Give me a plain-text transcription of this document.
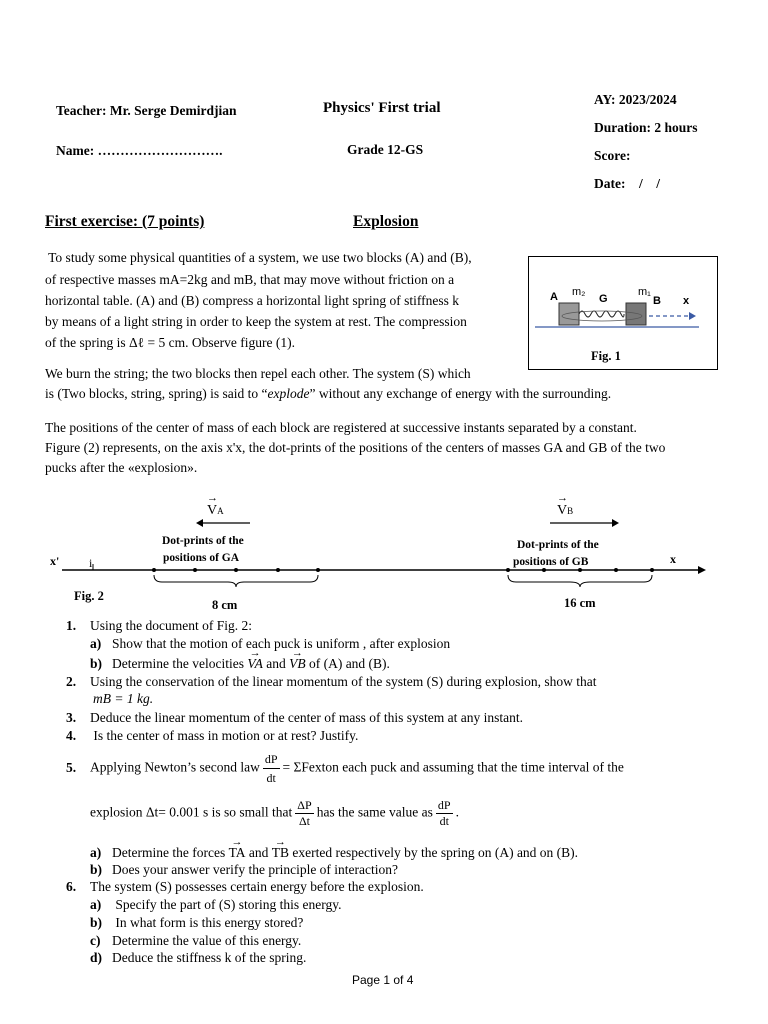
Teacher: Mr. Serge Demirdjian	Physics' First trial
AY: 2023/2024
Duration: 2 hours
Name: ……………………….	Grade 12-GS	Score:
Date:    /    /
First exercise: (7 points)	Explosion
To study some physical quantities of a system, we use two blocks (A) and (B),
of respective masses mA=2kg and mB, that may move without friction on a
horizontal table. (A) and (B) compress a horizontal light spring of stiffness k
by means of a light string in order to keep the system at rest. The compression
of the spring is Δℓ = 5 cm. Observe figure (1).
We burn the string; the two blocks then repel each other. The system (S) which
is (Two blocks, string, spring) is said to “explode” without any exchange of energy with the surrounding.
A m₂
G
m₁
B x
Fig. 1
The positions of the center of mass of each block are registered at successive instants separated by a constant.
Figure (2) represents, on the axis x'x, the dot-prints of the positions of the centers of masses GA and GB of the two
pucks after the «explosion».
→ VA
→	VB
Dot-prints of the
positions of GA
Dot-prints of the
positions of GB
x' i	x
Fig. 2
8 cm	16 cm
1. Using the document of Fig. 2:
a) Show that the motion of each puck is uniform , after explosion
b) Determine the velocities → VA and → VB of (A) and (B).
2. Using the conservation of the linear momentum of the system (S) during explosion, show that
mB = 1 kg.
3. Deduce the linear momentum of the center of mass of this system at any instant.
4. Is the center of mass in motion or at rest? Justify.
5. Applying Newton’s second law $\frac{dP}{dt}$ = ΣFexton each puck and assuming that the time interval of the
explosion Δt= 0.001 s is so small that $\frac{\Delta P}{\Delta t}$ has the same value as $\frac{dP}{dt}$ .
a) Determine the forces → TA and → TB exerted respectively by the spring on (A) and on (B).
b) Does your answer verify the principle of interaction?
6. The system (S) possesses certain energy before the explosion.
a) Specify the part of (S) storing this energy.
b) In what form is this energy stored?
c) Determine the value of this energy.
d) Deduce the stiffness k of the spring.
Page 1 of 4
